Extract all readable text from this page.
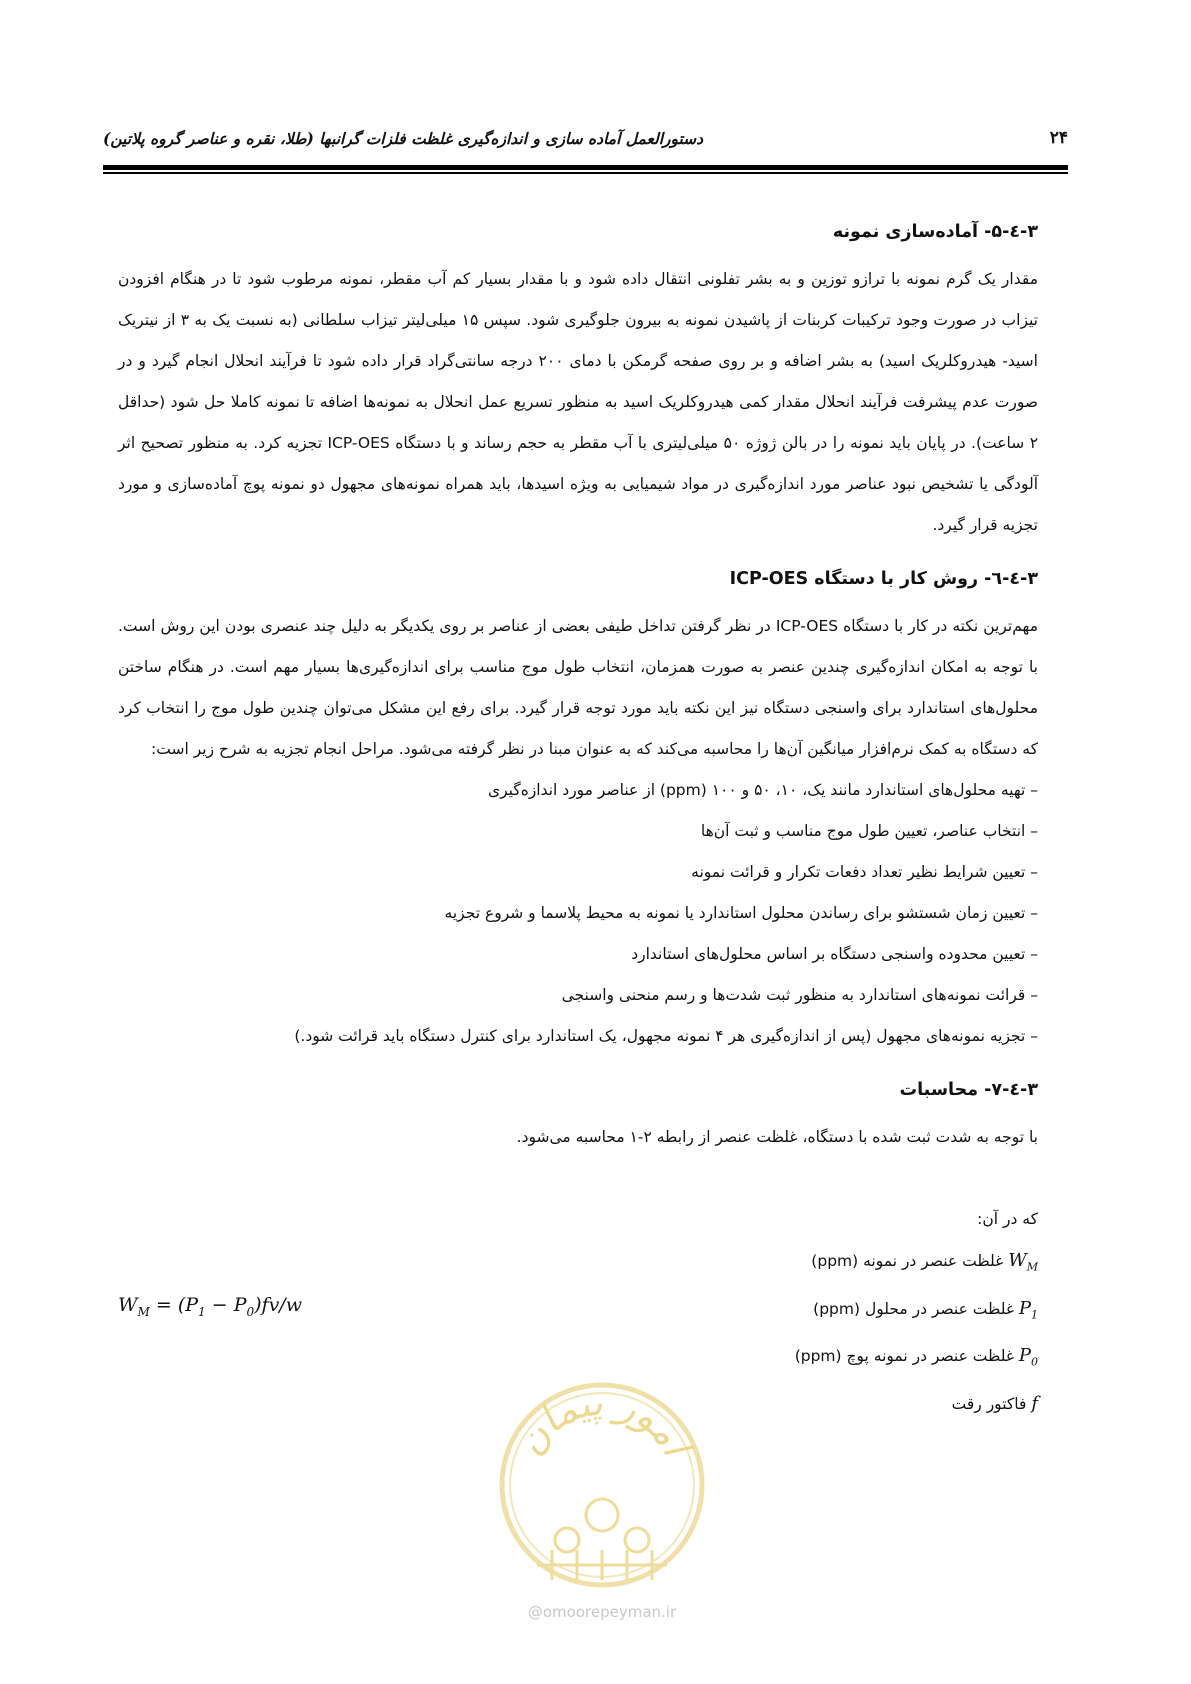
۲۴
دستورالعمل آماده سازی و اندازه‌گیری غلظت فلزات گرانبها (طلا، نقره و عناصر گروه پلاتین)
۳-٤-۵- آماده‌سازی نمونه

مقدار یک گرم نمونه با ترازو توزین و به بشر تفلونی انتقال داده شود و با مقدار بسیار کم آب مقطر، نمونه مرطوب شود تا در هنگام افزودن تیزاب در صورت وجود ترکیبات کربنات از پاشیدن نمونه به بیرون جلوگیری شود. سپس ۱۵ میلی‌لیتر تیزاب سلطانی (به نسبت یک به ۳ از نیتریک اسید- هیدروکلریک اسید) به بشر اضافه و بر روی صفحه گرمکن با دمای ۲۰۰ درجه سانتی‌گراد قرار داده شود تا فرآیند انحلال انجام گیرد و در صورت عدم پیشرفت فرآیند انحلال مقدار کمی هیدروکلریک اسید به منظور تسریع عمل انحلال به نمونه‌ها اضافه تا نمونه کاملا حل شود (حداقل ۲ ساعت). در پایان باید نمونه را در بالن ژوژه ۵۰ میلی‌لیتری با آب مقطر به حجم رساند و با دستگاه ICP-OES تجزیه کرد. به منظور تصحیح اثر آلودگی یا تشخیص نبود عناصر مورد اندازه‌گیری در مواد شیمیایی به ویژه اسیدها، باید همراه نمونه‌های مجهول دو نمونه پوچ آماده‌سازی و مورد تجزیه قرار گیرد.

۳-٤-٦- روش کار با دستگاه ICP-OES

مهم‌ترین نکته در کار با دستگاه ICP-OES در نظر گرفتن تداخل طیفی بعضی از عناصر بر روی یکدیگر به دلیل چند عنصری بودن این روش است. با توجه به امکان اندازه‌گیری چندین عنصر به صورت همزمان، انتخاب طول موج مناسب برای اندازه‌گیری‌ها بسیار مهم است. در هنگام ساختن محلول‌های استاندارد برای واسنجی دستگاه نیز این نکته باید مورد توجه قرار گیرد. برای رفع این مشکل می‌توان چندین طول موج را انتخاب کرد که دستگاه به کمک نرم‌افزار میانگین آن‌ها را محاسبه می‌کند که به عنوان مبنا در نظر گرفته می‌شود. مراحل انجام تجزیه به شرح زیر است:

– تهیه محلول‌های استاندارد مانند یک، ۱۰، ۵۰ و ۱۰۰ (ppm) از عناصر مورد اندازه‌گیری
– انتخاب عناصر، تعیین طول موج مناسب و ثبت آن‌ها
– تعیین شرایط نظیر تعداد دفعات تکرار و قرائت نمونه
– تعیین زمان شستشو برای رساندن محلول استاندارد یا نمونه به محیط پلاسما و شروع تجزیه
– تعیین محدوده واسنجی دستگاه بر اساس محلول‌های استاندارد
– قرائت نمونه‌های استاندارد به منظور ثبت شدت‌ها و رسم منحنی واسنجی
– تجزیه نمونه‌های مجهول (پس از اندازه‌گیری هر ۴ نمونه مجهول، یک استاندارد برای کنترل دستگاه باید قرائت شود.)
۳-٤-۷- محاسبات

با توجه به شدت ثبت شده با دستگاه، غلظت عنصر از رابطه ۲-۱ محاسبه می‌شود.

که در آن:

$W_M$ غلظت عنصر در نمونه (ppm)
$P_1$ غلظت عنصر در محلول (ppm)
$P_0$ غلظت عنصر در نمونه پوچ (ppm)
f فاکتور رقت
$W_M = (P_1 - P_0)fv/w$
امور پیمان
@omoorepeyman.ir
